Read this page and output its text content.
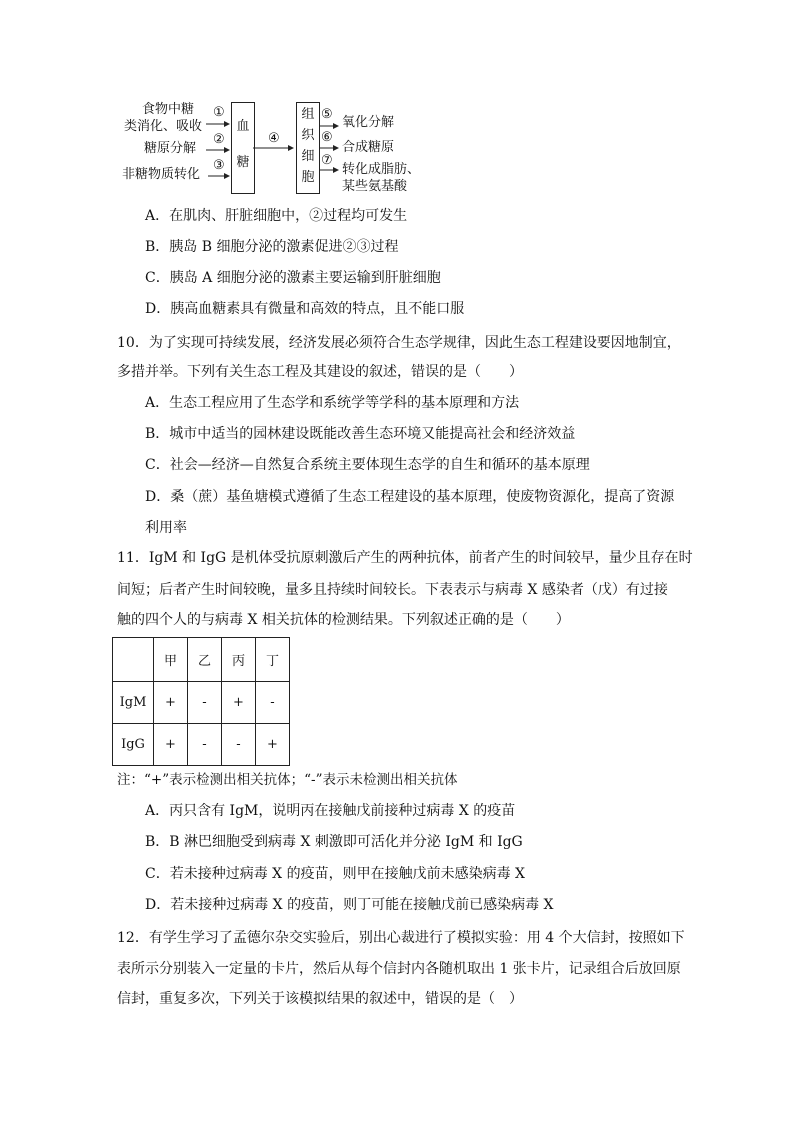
食物中糖
类消化、吸收
糖原分解
非糖物质转化
①
②
③
血
糖
④
组
织
细
胞
⑤
⑥
⑦
氧化分解
合成糖原
转化成脂肪、
某些氨基酸
A．在肌肉、肝脏细胞中，②过程均可发生
B．胰岛 B 细胞分泌的激素促进②③过程
C．胰岛 A 细胞分泌的激素主要运输到肝脏细胞
D．胰高血糖素具有微量和高效的特点，且不能口服
10．为了实现可持续发展，经济发展必须符合生态学规律，因此生态工程建设要因地制宜，
多措并举。下列有关生态工程及其建设的叙述，错误的是（　　）
A．生态工程应用了生态学和系统学等学科的基本原理和方法
B．城市中适当的园林建设既能改善生态环境又能提高社会和经济效益
C．社会—经济—自然复合系统主要体现生态学的自生和循环的基本原理
D．桑（蔗）基鱼塘模式遵循了生态工程建设的基本原理，使废物资源化，提高了资源
利用率
11．IgM 和 IgG 是机体受抗原刺激后产生的两种抗体，前者产生的时间较早，量少且存在时
间短；后者产生时间较晚，量多且持续时间较长。下表表示与病毒 X 感染者（戊）有过接
触的四个人的与病毒 X 相关抗体的检测结果。下列叙述正确的是（　　）
	甲	乙	丙	丁
IgM	+	-	+	-
IgG	+	-	-	+
注：“+”表示检测出相关抗体；“-”表示未检测出相关抗体
A．丙只含有 IgM，说明丙在接触戊前接种过病毒 X 的疫苗
B．B 淋巴细胞受到病毒 X 刺激即可活化并分泌 IgM 和 IgG
C．若未接种过病毒 X 的疫苗，则甲在接触戊前未感染病毒 X
D．若未接种过病毒 X 的疫苗，则丁可能在接触戊前已感染病毒 X
12．有学生学习了孟德尔杂交实验后，别出心裁进行了模拟实验：用 4 个大信封，按照如下
表所示分别装入一定量的卡片，然后从每个信封内各随机取出 1 张卡片，记录组合后放回原
信封，重复多次，下列关于该模拟结果的叙述中，错误的是（　）
